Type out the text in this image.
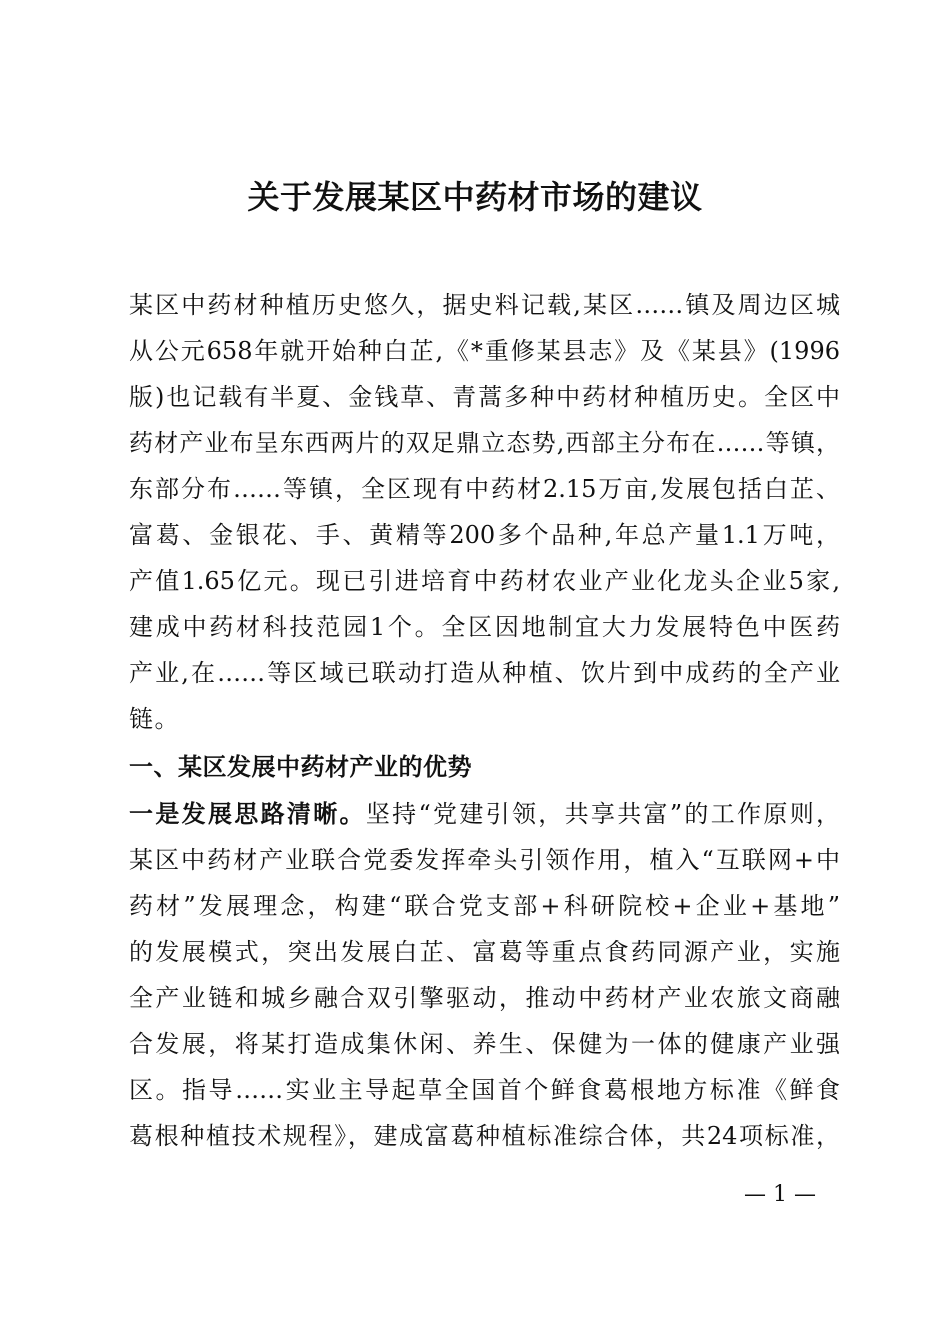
关于发展某区中药材市场的建议
某区中药材种植历史悠久，据史料记载,某区……镇及周边区城
从公元658年就开始种白芷,《*重修某县志》及《某县》(1996
版)也记载有半夏、金钱草、青蒿多种中药材种植历史。全区中
药材产业布呈东西两片的双足鼎立态势,西部主分布在……等镇，
东部分布……等镇，全区现有中药材2.15万亩,发展包括白芷、
富葛、金银花、手、黄精等200多个品种,年总产量1.1万吨，
产值1.65亿元。现已引进培育中药材农业产业化龙头企业5家,
建成中药材科技范园1个。全区因地制宜大力发展特色中医药
产业,在……等区域已联动打造从种植、饮片到中成药的全产业
链。
一、某区发展中药材产业的优势
一是发展思路清晰。坚持“党建引领，共享共富”的工作原则，
某区中药材产业联合党委发挥牵头引领作用，植入“互联网+中
药材”发展理念，构建“联合党支部+科研院校+企业+基地”
的发展模式，突出发展白芷、富葛等重点食药同源产业，实施
全产业链和城乡融合双引擎驱动，推动中药材产业农旅文商融
合发展，将某打造成集休闲、养生、保健为一体的健康产业强
区。指导……实业主导起草全国首个鲜食葛根地方标准《鲜食
葛根种植技术规程》，建成富葛种植标准综合体，共24项标准，
— 1 —
